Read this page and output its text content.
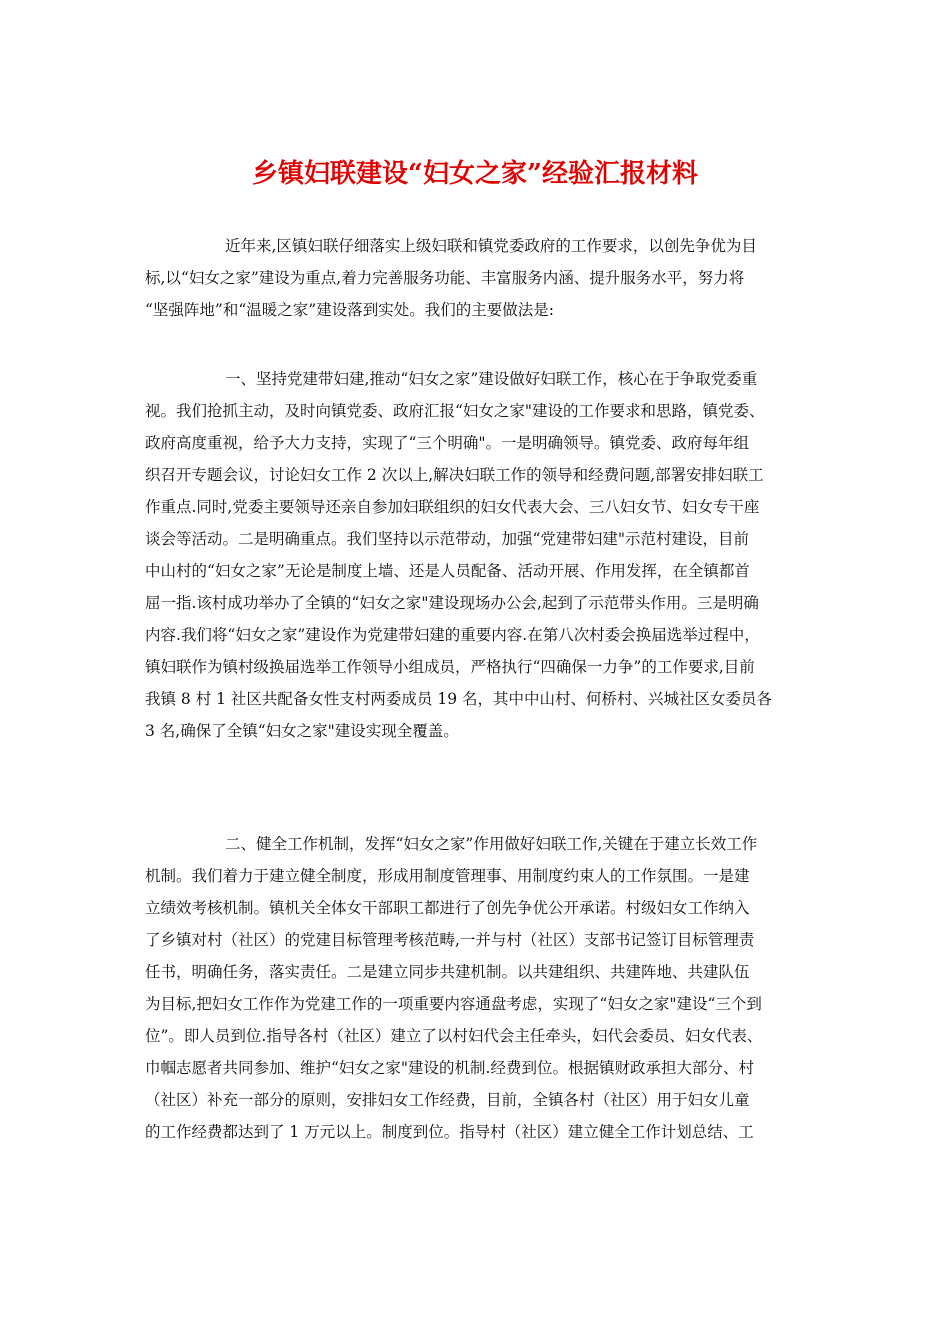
乡镇妇联建设“妇女之家”经验汇报材料
近年来,区镇妇联仔细落实上级妇联和镇党委政府的工作要求，以创先争优为目
标,以“妇女之家”建设为重点,着力完善服务功能、丰富服务内涵、提升服务水平，努力将
“坚强阵地”和“温暖之家”建设落到实处。我们的主要做法是:
一、坚持党建带妇建,推动“妇女之家”建设做好妇联工作，核心在于争取党委重
视。我们抢抓主动，及时向镇党委、政府汇报“妇女之家"建设的工作要求和思路，镇党委、
政府高度重视，给予大力支持，实现了“三个明确"。一是明确领导。镇党委、政府每年组
织召开专题会议，讨论妇女工作 2 次以上,解决妇联工作的领导和经费问题,部署安排妇联工
作重点.同时,党委主要领导还亲自参加妇联组织的妇女代表大会、三八妇女节、妇女专干座
谈会等活动。二是明确重点。我们坚持以示范带动，加强“党建带妇建"示范村建设，目前
中山村的“妇女之家”无论是制度上墙、还是人员配备、活动开展、作用发挥，在全镇都首
屈一指.该村成功举办了全镇的“妇女之家"建设现场办公会,起到了示范带头作用。三是明确
内容.我们将“妇女之家”建设作为党建带妇建的重要内容.在第八次村委会换届选举过程中，
镇妇联作为镇村级换届选举工作领导小组成员，严格执行“四确保一力争”的工作要求,目前
我镇 8 村 1 社区共配备女性支村两委成员 19 名，其中中山村、何桥村、兴城社区女委员各
3 名,确保了全镇“妇女之家"建设实现全覆盖。
二、健全工作机制，发挥“妇女之家”作用做好妇联工作,关键在于建立长效工作
机制。我们着力于建立健全制度，形成用制度管理事、用制度约束人的工作氛围。一是建
立绩效考核机制。镇机关全体女干部职工都进行了创先争优公开承诺。村级妇女工作纳入
了乡镇对村（社区）的党建目标管理考核范畴,一并与村（社区）支部书记签订目标管理责
任书，明确任务，落实责任。二是建立同步共建机制。以共建组织、共建阵地、共建队伍
为目标,把妇女工作作为党建工作的一项重要内容通盘考虑，实现了“妇女之家"建设“三个到
位”。即人员到位.指导各村（社区）建立了以村妇代会主任牵头，妇代会委员、妇女代表、
巾帼志愿者共同参加、维护“妇女之家"建设的机制.经费到位。根据镇财政承担大部分、村
（社区）补充一部分的原则，安排妇女工作经费，目前，全镇各村（社区）用于妇女儿童
的工作经费都达到了 1 万元以上。制度到位。指导村（社区）建立健全工作计划总结、工
